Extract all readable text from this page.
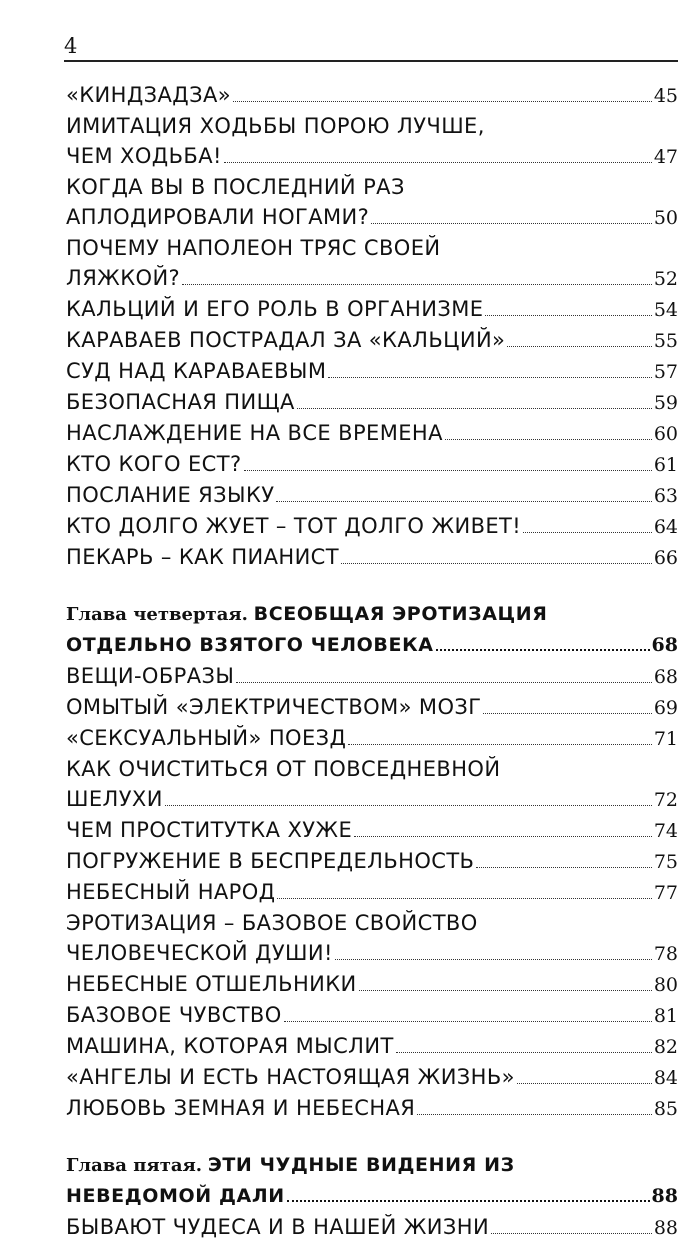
4
«КИНДЗАДЗА»	45
ИМИТАЦИЯ ХОДЬБЫ ПОРОЮ ЛУЧШЕ,
ЧЕМ ХОДЬБА!	47
КОГДА ВЫ В ПОСЛЕДНИЙ РАЗ
АПЛОДИРОВАЛИ НОГАМИ?	50
ПОЧЕМУ НАПОЛЕОН ТРЯС СВОЕЙ
ЛЯЖКОЙ?	52
КАЛЬЦИЙ И ЕГО РОЛЬ В ОРГАНИЗМЕ	54
КАРАВАЕВ ПОСТРАДАЛ ЗА «КАЛЬЦИЙ»	55
СУД НАД КАРАВАЕВЫМ	57
БЕЗОПАСНАЯ ПИЩА	59
НАСЛАЖДЕНИЕ НА ВСЕ ВРЕМЕНА	60
КТО КОГО ЕСТ?	61
ПОСЛАНИЕ ЯЗЫКУ	63
КТО ДОЛГО ЖУЕТ – ТОТ ДОЛГО ЖИВЕТ!	64
ПЕКАРЬ – КАК ПИАНИСТ	66
Глава четвертая.
ВСЕОБЩАЯ ЭРОТИЗАЦИЯ
ОТДЕЛЬНО ВЗЯТОГО ЧЕЛОВЕКА	68
ВЕЩИ-ОБРАЗЫ	68
ОМЫТЫЙ «ЭЛЕКТРИЧЕСТВОМ» МОЗГ	69
«СЕКСУАЛЬНЫЙ» ПОЕЗД	71
КАК ОЧИСТИТЬСЯ ОТ ПОВСЕДНЕВНОЙ
ШЕЛУХИ	72
ЧЕМ ПРОСТИТУТКА ХУЖЕ	74
ПОГРУЖЕНИЕ В БЕСПРЕДЕЛЬНОСТЬ	75
НЕБЕСНЫЙ НАРОД	77
ЭРОТИЗАЦИЯ – БАЗОВОЕ СВОЙСТВО
ЧЕЛОВЕЧЕСКОЙ ДУШИ!	78
НЕБЕСНЫЕ ОТШЕЛЬНИКИ	80
БАЗОВОЕ ЧУВСТВО	81
МАШИНА, КОТОРАЯ МЫСЛИТ	82
«АНГЕЛЫ И ЕСТЬ НАСТОЯЩАЯ ЖИЗНЬ»	84
ЛЮБОВЬ ЗЕМНАЯ И НЕБЕСНАЯ	85
Глава пятая.
ЭТИ ЧУДНЫЕ ВИДЕНИЯ ИЗ
НЕВЕДОМОЙ ДАЛИ	88
БЫВАЮТ ЧУДЕСА И В НАШЕЙ ЖИЗНИ	88
